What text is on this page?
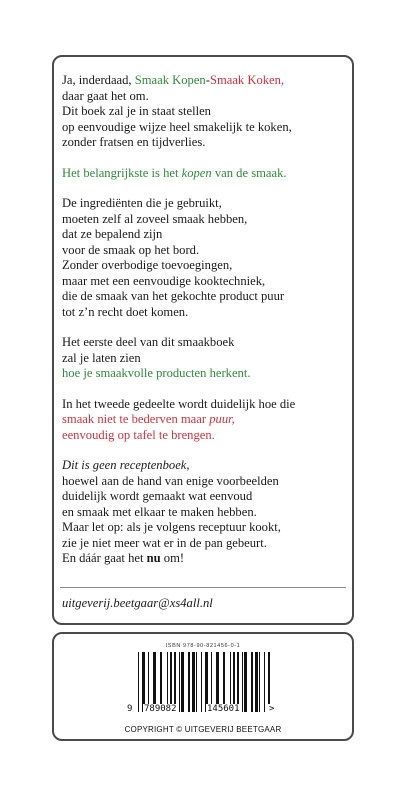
Ja, inderdaad, Smaak Kopen-Smaak Koken,
daar gaat het om.
Dit boek zal je in staat stellen
op eenvoudige wijze heel smakelijk te koken,
zonder fratsen en tijdverlies.

Het belangrijkste is het kopen van de smaak.

De ingrediënten die je gebruikt,
moeten zelf al zoveel smaak hebben,
dat ze bepalend zijn
voor de smaak op het bord.
Zonder overbodige toevoegingen,
maar met een eenvoudige kooktechniek,
die de smaak van het gekochte product puur
tot z’n recht doet komen.

Het eerste deel van dit smaakboek
zal je laten zien
hoe je smaakvolle producten herkent.

In het tweede gedeelte wordt duidelijk hoe die
smaak niet te bederven maar puur,
eenvoudig op tafel te brengen.

Dit is geen receptenboek,
hoewel aan de hand van enige voorbeelden
duidelijk wordt gemaakt wat eenvoud
en smaak met elkaar te maken hebben.
Maar let op: als je volgens receptuur kookt,
zie je niet meer wat er in de pan gebeurt.
En dáár gaat het nu om!

uitgeverij.beetgaar@xs4all.nl
ISBN 978-90-821456-0-1
9 789082	145601	>
COPYRIGHT © UITGEVERIJ BEETGAAR
